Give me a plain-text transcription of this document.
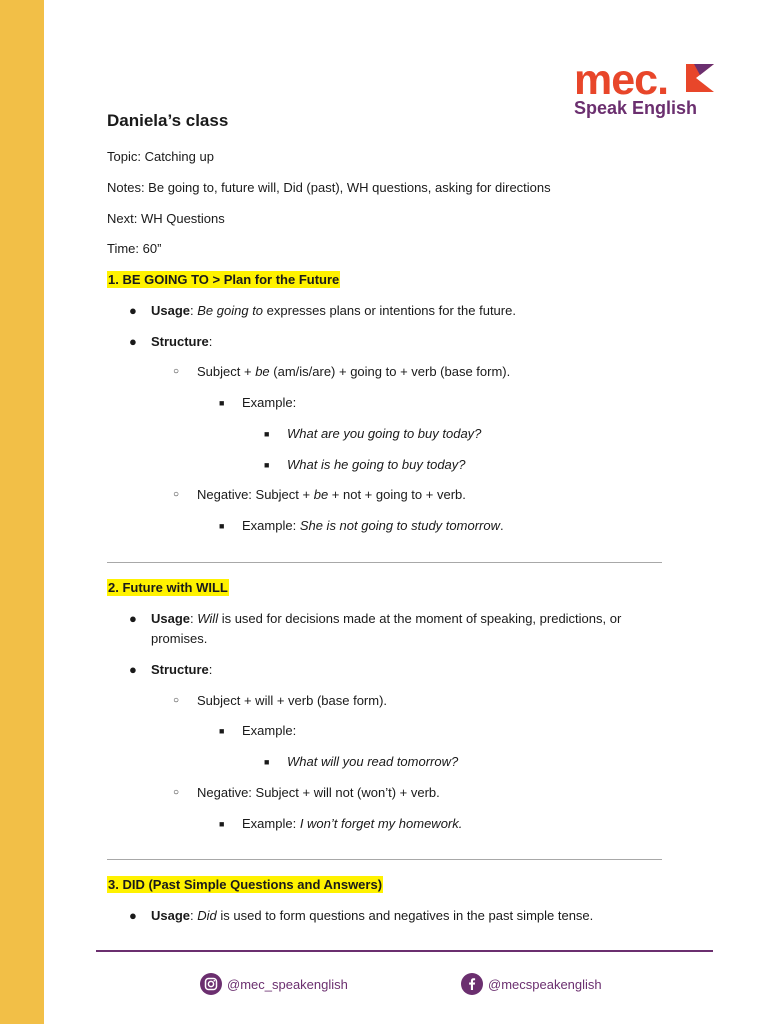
mec.
Speak English
Daniela’s class
Topic: Catching up
Notes: Be going to, future will, Did (past), WH questions, asking for directions
Next: WH Questions
Time: 60”
1. BE GOING TO > Plan for the Future
● Usage: Be going to expresses plans or intentions for the future.
● Structure:
○ Subject + be (am/is/are) + going to + verb (base form).
■ Example:
■ What are you going to buy today?
■ What is he going to buy today?
○ Negative: Subject + be + not + going to + verb.
■ Example: She is not going to study tomorrow.
2. Future with WILL
● Usage: Will is used for decisions made at the moment of speaking, predictions, or
promises.
● Structure:
○ Subject + will + verb (base form).
■ Example:
■ What will you read tomorrow?
○ Negative: Subject + will not (won’t) + verb.
■ Example: I won’t forget my homework.
3. DID (Past Simple Questions and Answers)
● Usage: Did is used to form questions and negatives in the past simple tense.
@mec_speakenglish	@mecspeakenglish
